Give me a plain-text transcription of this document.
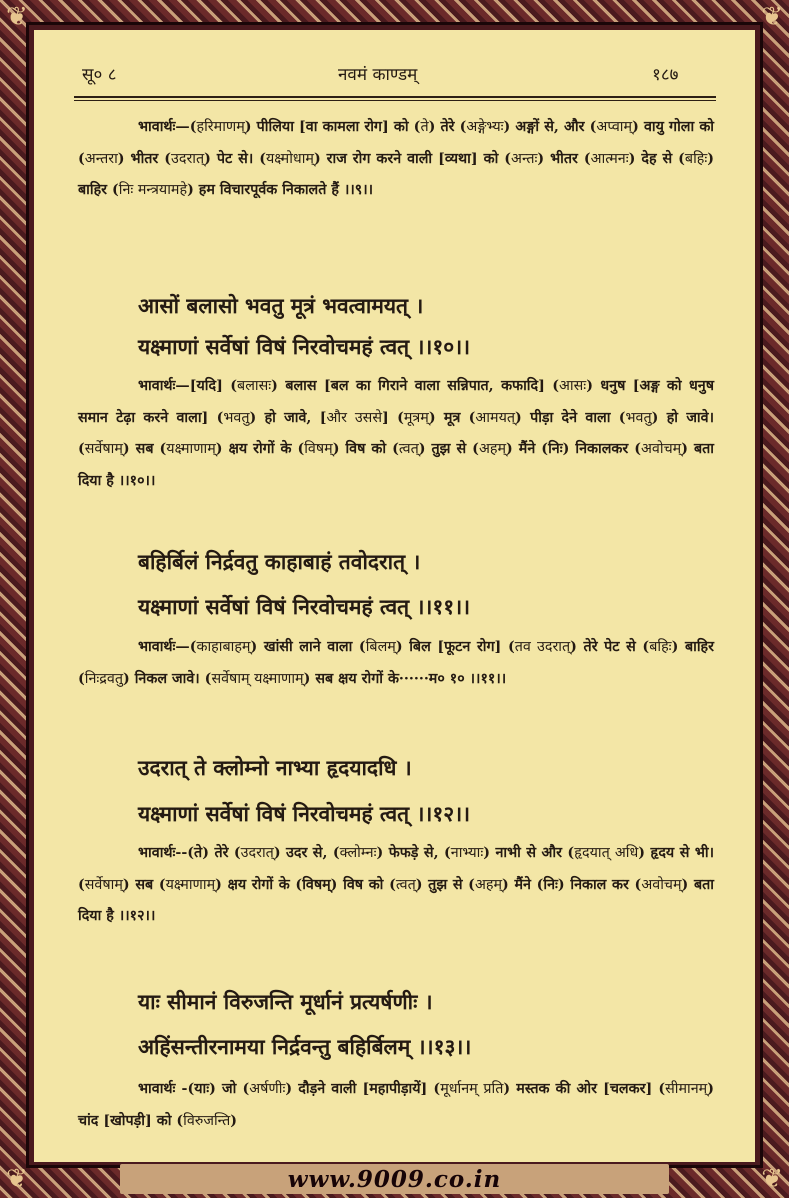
❦	❦
❦	❦
सू० ८	नवमं काण्डम्	१८७
भावार्थः—(हरिमाणम्) पीलिया [वा कामला रोग] को (ते) तेरे (अङ्गेभ्यः) अङ्गों से, और (अप्वाम्) वायु गोला को (अन्तरा) भीतर (उदरात्) पेट से। (यक्ष्मोधाम्) राज रोग करने वाली [व्यथा] को (अन्तः) भीतर (आत्मनः) देह से (बहिः) बाहिर (निः मन्त्रयामहे) हम विचारपूर्वक निकालते हैं ।।९।।
आसों बलासो भवतु मूत्रं भवत्वामयत् ।
यक्ष्माणां सर्वेषां विषं निरवोचमहं त्वत् ।।१०।।
भावार्थः—[यदि] (बलासः) बलास [बल का गिराने वाला सन्निपात, कफादि] (आसः) धनुष [अङ्ग को धनुष समान टेढ़ा करने वाला] (भवतु) हो जावे, [और उससे] (मूत्रम्) मूत्र (आमयत्) पीड़ा देने वाला (भवतु) हो जावे। (सर्वेषाम्) सब (यक्ष्माणाम्) क्षय रोगों के (विषम्) विष को (त्वत्) तुझ से (अहम्) मैंने (निः) निकालकर (अवोचम्) बता दिया है ।।१०।।
बहिर्बिलं निर्द्रवतु काहाबाहं तवोदरात् ।
यक्ष्माणां सर्वेषां विषं निरवोचमहं त्वत् ।।११।।
भावार्थः—(काहाबाहम्) खांसी लाने वाला (बिलम्) बिल [फूटन रोग] (तव उदरात्) तेरे पेट से (बहिः) बाहिर (निःद्रवतु) निकल जावे। (सर्वेषाम् यक्ष्माणाम्) सब क्षय रोगों के······म० १० ।।११।।
उदरात् ते क्लोम्नो नाभ्या हृदयादधि ।
यक्ष्माणां सर्वेषां विषं निरवोचमहं त्वत् ।।१२।।
भावार्थः--(ते) तेरे (उदरात्) उदर से, (क्लोम्नः) फेफड़े से, (नाभ्याः) नाभी से और (हृदयात् अधि) हृदय से भी। (सर्वेषाम्) सब (यक्ष्माणाम्) क्षय रोगों के (विषम्) विष को (त्वत्) तुझ से (अहम्) मैंने (निः) निकाल कर (अवोचम्) बता दिया है ।।१२।।
याः सीमानं विरुजन्ति मूर्धानं प्रत्यर्षणीः ।
अहिंसन्तीरनामया निर्द्रवन्तु बहिर्बिलम् ।।१३।।
भावार्थः -(याः) जो (अर्षणीः) दौड़ने वाली [महापीड़ायें] (मूर्धानम् प्रति) मस्तक की ओर [चलकर] (सीमानम्) चांद [खोपड़ी] को (विरुजन्ति)
www.9009.co.in
